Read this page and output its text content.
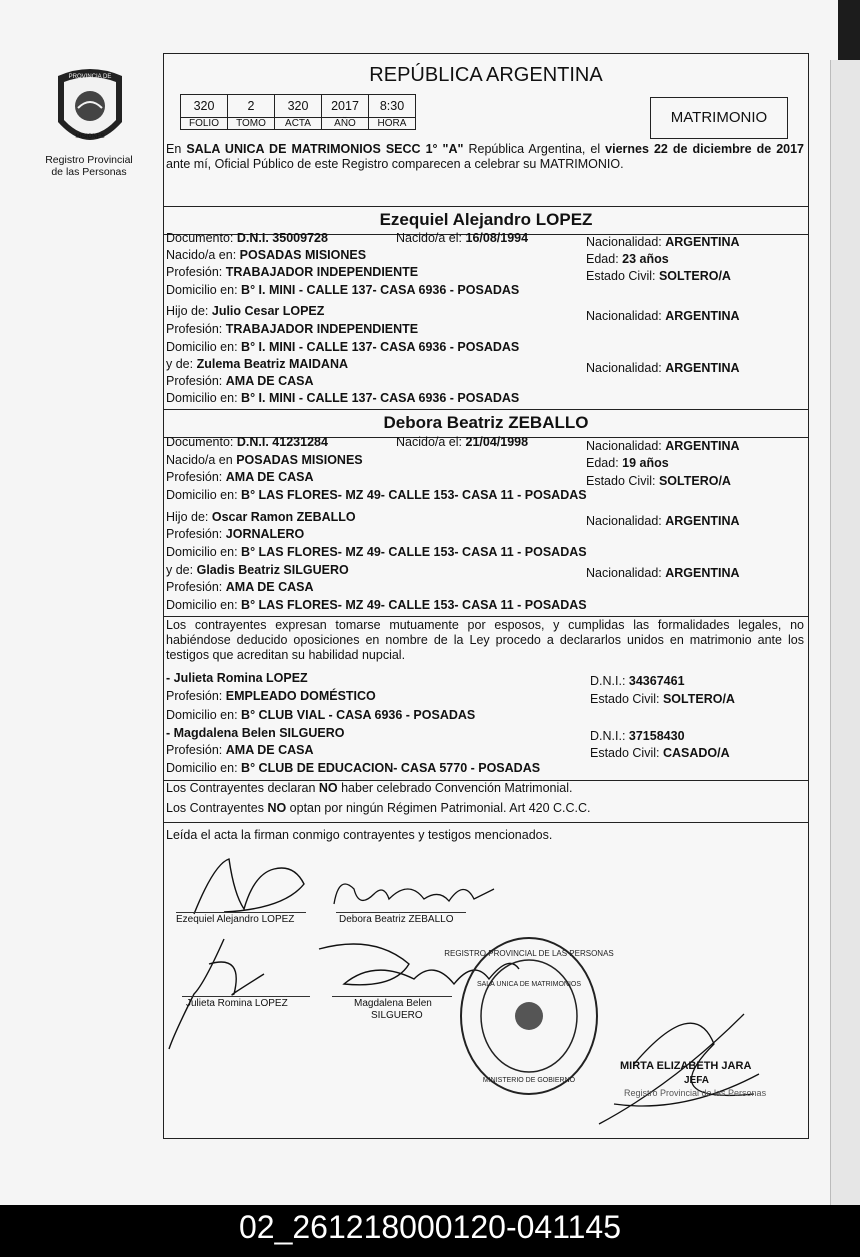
PROVINCIA DE
MISIONES
Registro Provincial
de las Personas
REPÚBLICA ARGENTINA
320	2	320	2017	8:30
FOLIO	TOMO	ACTA	AÑO	HORA	MATRIMONIO
En SALA UNICA DE MATRIMONIOS SECC 1° "A" República Argentina, el viernes 22 de diciembre de 2017 ante mí, Oficial Público de este Registro comparecen a celebrar su MATRIMONIO.
Ezequiel Alejandro LOPEZ
Documento: D.N.I. 35009728	Nacido/a el: 16/08/1994	Nacionalidad: ARGENTINA
Nacido/a en: POSADAS MISIONES	Edad: 23 años
Profesión: TRABAJADOR INDEPENDIENTE	Estado Civil: SOLTERO/A
Domicilio en: B° I. MINI - CALLE 137- CASA 6936 - POSADAS
Hijo de: Julio Cesar LOPEZ	Nacionalidad: ARGENTINA
Profesión: TRABAJADOR INDEPENDIENTE
Domicilio en: B° I. MINI - CALLE 137- CASA 6936 - POSADAS
y de: Zulema Beatriz MAIDANA	Nacionalidad: ARGENTINA
Profesión: AMA DE CASA
Domicilio en: B° I. MINI - CALLE 137- CASA 6936 - POSADAS
Debora Beatriz ZEBALLO
Documento: D.N.I. 41231284	Nacido/a el: 21/04/1998	Nacionalidad: ARGENTINA
Nacido/a en POSADAS MISIONES	Edad: 19 años
Profesión: AMA DE CASA	Estado Civil: SOLTERO/A
Domicilio en: B° LAS FLORES- MZ 49- CALLE 153- CASA 11 - POSADAS
Hijo de: Oscar Ramon ZEBALLO	Nacionalidad: ARGENTINA
Profesión: JORNALERO
Domicilio en: B° LAS FLORES- MZ 49- CALLE 153- CASA 11 - POSADAS
y de: Gladis Beatriz SILGUERO	Nacionalidad: ARGENTINA
Profesión: AMA DE CASA
Domicilio en: B° LAS FLORES- MZ 49- CALLE 153- CASA 11 - POSADAS
Los contrayentes expresan tomarse mutuamente por esposos, y cumplidas las formalidades legales, no habiéndose deducido oposiciones en nombre de la Ley procedo a declararlos unidos en matrimonio ante los testigos que acreditan su habilidad nupcial.
- Julieta Romina LOPEZ	D.N.I.: 34367461
Profesión: EMPLEADO DOMÉSTICO	Estado Civil: SOLTERO/A
Domicilio en: B° CLUB VIAL - CASA 6936 - POSADAS
- Magdalena Belen SILGUERO	D.N.I.: 37158430
Profesión: AMA DE CASA	Estado Civil: CASADO/A
Domicilio en: B° CLUB DE EDUCACION- CASA 5770 - POSADAS
Los Contrayentes declaran NO haber celebrado Convención Matrimonial.
Los Contrayentes NO optan por ningún Régimen Patrimonial. Art 420 C.C.C.
Leída el acta la firman conmigo contrayentes y testigos mencionados.
Ezequiel Alejandro LOPEZ	Debora Beatriz ZEBALLO
Julieta Romina LOPEZ	Magdalena Belen
SILGUERO
REGISTRO PROVINCIAL DE LAS PERSONAS
SALA UNICA DE MATRIMONIOS
MINISTERIO DE GOBIERNO
MIRTA ELIZABETH JARA
JEFA
Registro Provincial de las Personas
02_261218000120-041145
